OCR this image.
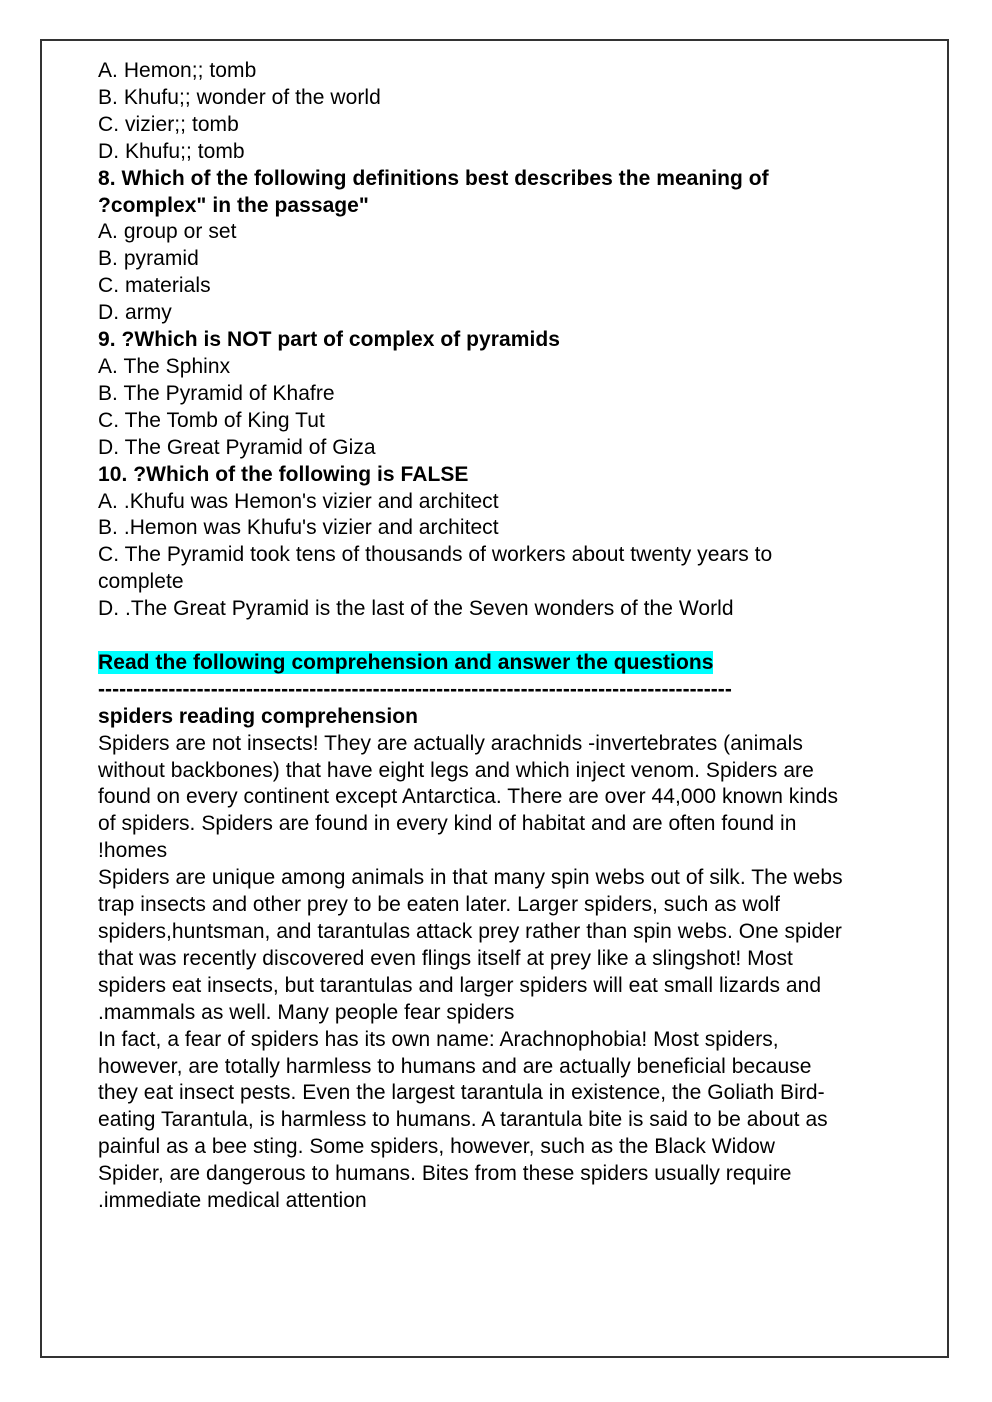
A. Hemon;; tomb
B. Khufu;; wonder of the world
C. vizier;; tomb
D. Khufu;; tomb
8. Which of the following definitions best describes the meaning of
?complex" in the passage"
A. group or set
B. pyramid
C. materials
D. army
9. ?Which is NOT part of complex of pyramids
A. The Sphinx
B. The Pyramid of Khafre
C. The Tomb of King Tut
D. The Great Pyramid of Giza
10. ?Which of the following is FALSE
A. .Khufu was Hemon's vizier and architect
B. .Hemon was Khufu's vizier and architect
C. The Pyramid took tens of thousands of workers about twenty years to
complete
D. .The Great Pyramid is the last of the Seven wonders of the World
Read the following comprehension and answer the questions
------------------------------------------------------------------------------------------
spiders reading comprehension
Spiders are not insects! They are actually arachnids -invertebrates (animals
without backbones) that have eight legs and which inject venom. Spiders are
found on every continent except Antarctica. There are over 44,000 known kinds
of spiders. Spiders are found in every kind of habitat and are often found in
!homes
Spiders are unique among animals in that many spin webs out of silk. The webs
trap insects and other prey to be eaten later. Larger spiders, such as wolf
spiders,huntsman, and tarantulas attack prey rather than spin webs. One spider
that was recently discovered even flings itself at prey like a slingshot! Most
spiders eat insects, but tarantulas and larger spiders will eat small lizards and
.mammals as well. Many people fear spiders
In fact, a fear of spiders has its own name: Arachnophobia! Most spiders,
however, are totally harmless to humans and are actually beneficial because
they eat insect pests. Even the largest tarantula in existence, the Goliath Bird-
eating Tarantula, is harmless to humans. A tarantula bite is said to be about as
painful as a bee sting. Some spiders, however, such as the Black Widow
Spider, are dangerous to humans. Bites from these spiders usually require
.immediate medical attention
